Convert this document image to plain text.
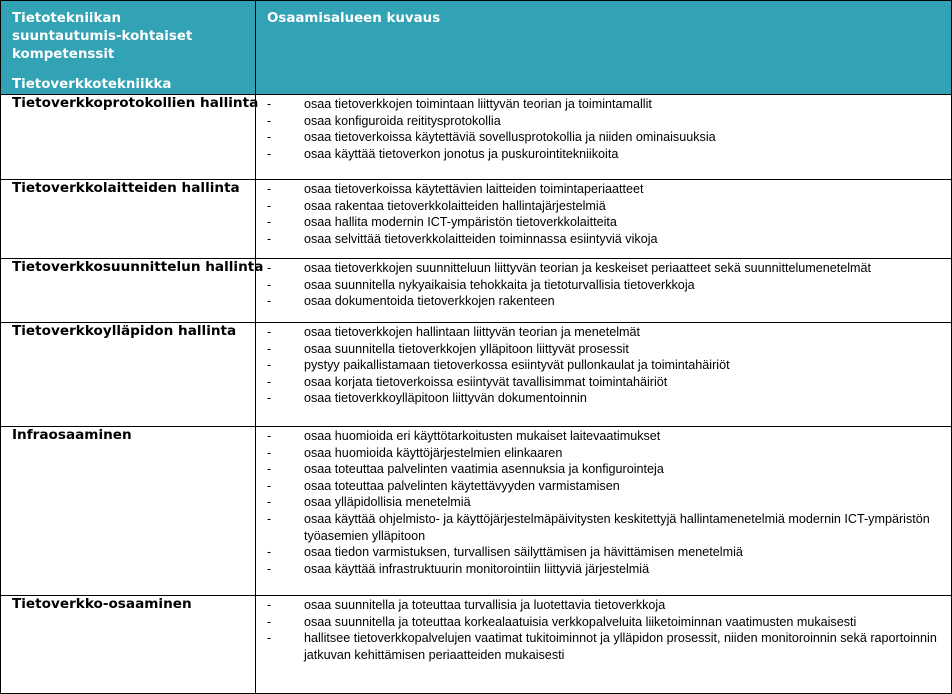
Tietotekniikan suuntautumis-kohtaiset kompetenssit
Tietoverkkotekniikka	Osaamisalueen kuvaus
Tietoverkkoprotokollien hallinta	-	osaa tietoverkkojen toimintaan liittyvän teorian ja toimintamallit
-	osaa konfiguroida reititysprotokollia
-	osaa tietoverkoissa käytettäviä sovellusprotokollia ja niiden ominaisuuksia
-	osaa käyttää tietoverkon jonotus ja puskurointitekniikoita

Tietoverkkolaitteiden hallinta	-	osaa tietoverkoissa käytettävien laitteiden toimintaperiaatteet
-	osaa rakentaa tietoverkkolaitteiden hallintajärjestelmiä
-	osaa hallita modernin ICT-ympäristön tietoverkkolaitteita
-	osaa selvittää tietoverkkolaitteiden toiminnassa esiintyviä vikoja

Tietoverkkosuunnittelun hallinta	-	osaa tietoverkkojen suunnitteluun liittyvän teorian ja keskeiset periaatteet sekä suunnittelumenetelmät
-	osaa suunnitella nykyaikaisia tehokkaita ja tietoturvallisia tietoverkkoja
-	osaa dokumentoida tietoverkkojen rakenteen

Tietoverkkoylläpidon hallinta	-	osaa tietoverkkojen hallintaan liittyvän teorian ja menetelmät
-	osaa suunnitella tietoverkkojen ylläpitoon liittyvät prosessit
-	pystyy paikallistamaan tietoverkossa esiintyvät pullonkaulat ja toimintahäiriöt
-	osaa korjata tietoverkoissa esiintyvät tavallisimmat toimintahäiriöt
-	osaa tietoverkkoylläpitoon liittyvän dokumentoinnin

Infraosaaminen	-	osaa huomioida eri käyttötarkoitusten mukaiset laitevaatimukset
-	osaa huomioida käyttöjärjestelmien elinkaaren
-	osaa toteuttaa palvelinten vaatimia asennuksia ja konfigurointeja
-	osaa toteuttaa palvelinten käytettävyyden varmistamisen
-	osaa ylläpidollisia menetelmiä
-	osaa käyttää ohjelmisto- ja käyttöjärjestelmäpäivitysten keskitettyjä hallintamenetelmiä modernin ICT-ympäristön työasemien ylläpitoon
-	osaa tiedon varmistuksen, turvallisen säilyttämisen ja hävittämisen menetelmiä
-	osaa käyttää infrastruktuurin monitorointiin liittyviä järjestelmiä

Tietoverkko-osaaminen	-	osaa suunnitella ja toteuttaa turvallisia ja luotettavia tietoverkkoja
-	osaa suunnitella ja toteuttaa korkealaatuisia verkkopalveluita liiketoiminnan vaatimusten mukaisesti
-	hallitsee tietoverkkopalvelujen vaatimat tukitoiminnot ja ylläpidon prosessit, niiden monitoroinnin sekä raportoinnin jatkuvan kehittämisen periaatteiden mukaisesti
